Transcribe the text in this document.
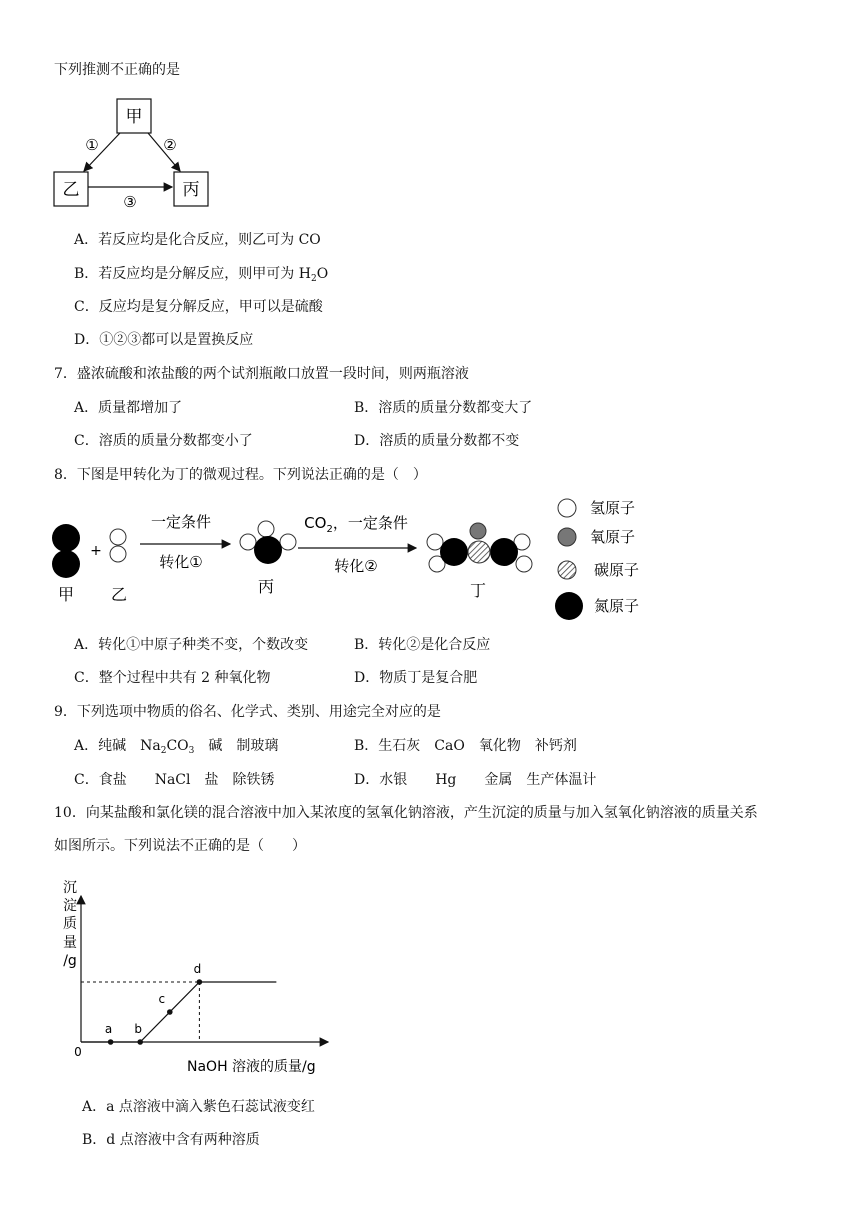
下列推测不正确的是
甲
乙	丙
①	②
③
A．若反应均是化合反应，则乙可为 CO
B．若反应均是分解反应，则甲可为 $H_2O$
C．反应均是复分解反应，甲可以是硫酸
D．①②③都可以是置换反应
7．盛浓硫酸和浓盐酸的两个试剂瓶敞口放置一段时间，则两瓶溶液
A．质量都增加了	B．溶质的质量分数都变大了
C．溶质的质量分数都变小了	D．溶质的质量分数都不变
8．下图是甲转化为丁的微观过程。下列说法正确的是（　）
甲
+
乙
一定条件
转化①
丙
$CO_2$，一定条件
转化②
丁
氢原子
氧原子
碳原子
氮原子
A．转化①中原子种类不变，个数改变	B．转化②是化合反应
C．整个过程中共有 2 种氧化物	D．物质丁是复合肥
9．下列选项中物质的俗名、化学式、类别、用途完全对应的是
A．纯碱　$Na_2CO_3$　碱　制玻璃	B．生石灰　CaO　氧化物　补钙剂
C．食盐　　NaCl　盐　除铁锈	D．水银　　Hg　　金属　生产体温计
10．向某盐酸和氯化镁的混合溶液中加入某浓度的氢氧化钠溶液，产生沉淀的质量与加入氢氧化钠溶液的质量关系
如图所示。下列说法不正确的是（　　）
沉
淀
质
量
/g
0
NaOH 溶液的质量/g
a b
c
d
A．a 点溶液中滴入紫色石蕊试液变红
B．d 点溶液中含有两种溶质
